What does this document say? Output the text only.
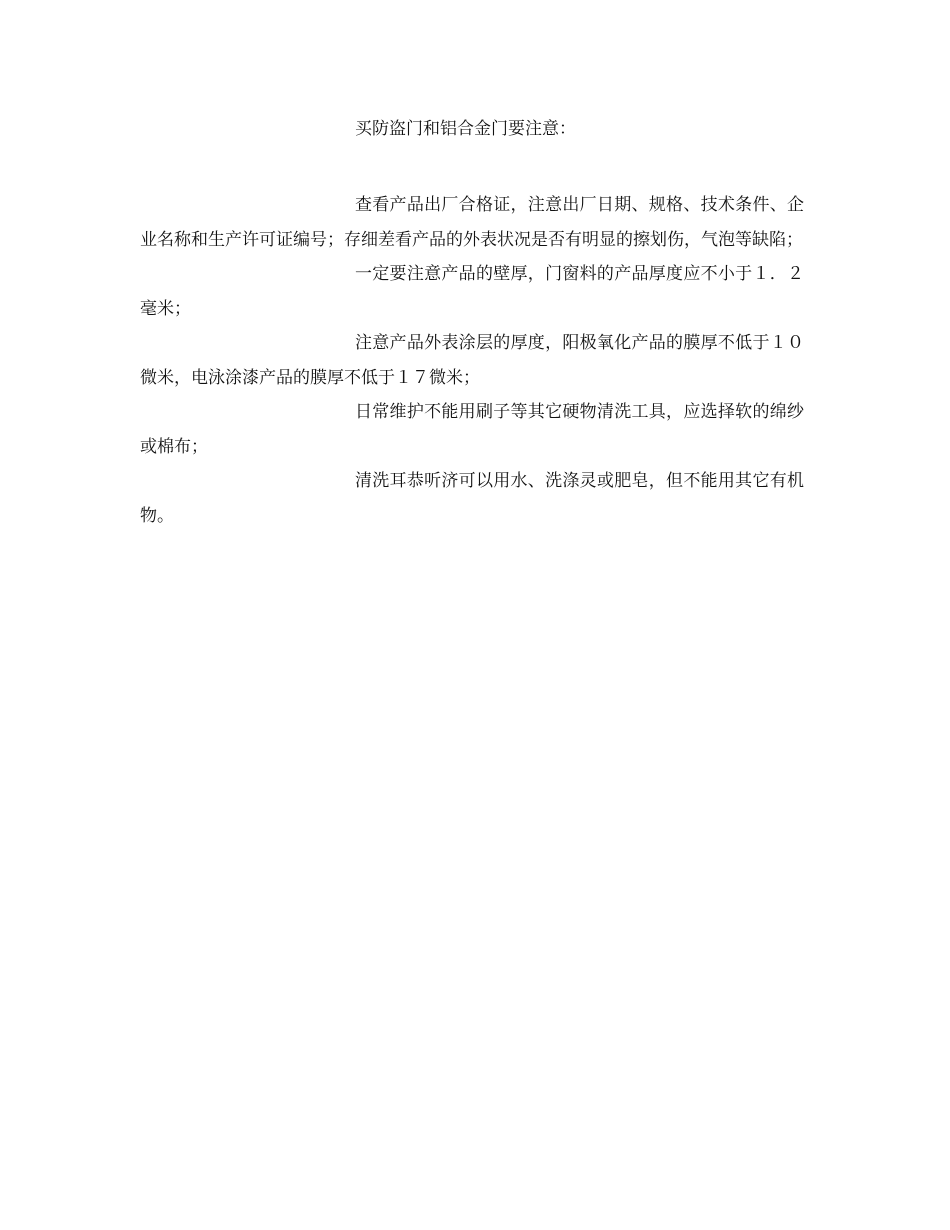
买防盗门和铝合金门要注意：

查看产品出厂合格证，注意出厂日期、规格、技术条件、企业名称和生产许可证编号；存细差看产品的外表状况是否有明显的擦划伤，气泡等缺陷；

一定要注意产品的壁厚，门窗料的产品厚度应不小于１．２毫米；

注意产品外表涂层的厚度，阳极氧化产品的膜厚不低于１０微米，电泳涂漆产品的膜厚不低于１７微米；

日常维护不能用刷子等其它硬物清洗工具，应选择软的绵纱或棉布；

清洗耳恭听济可以用水、洗涤灵或肥皂，但不能用其它有机物。
